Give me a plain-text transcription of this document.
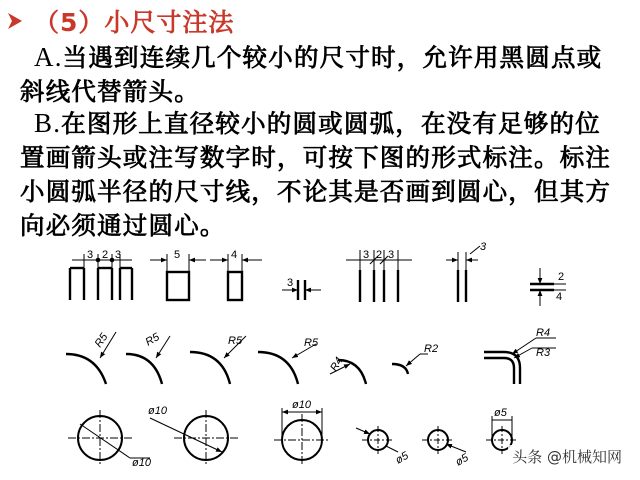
（5）小尺寸注法

A.当遇到连续几个较小的尺寸时，允许用黑圆点或斜线代替箭头。

B.在图形上直径较小的圆或圆弧，在没有足够的位置画箭头或注写数字时，可按下图的形式标注。标注小圆弧半径的尺寸线，不论其是否画到圆心，但其方向必须通过圆心。

3 2 3	5	4
3
3 2 3
3
2
4
R5	R5	R5	R5
R4
R2
R4
R3
ø10
ø10	ø10
ø5	ø5
ø5
头条 @机械知网
